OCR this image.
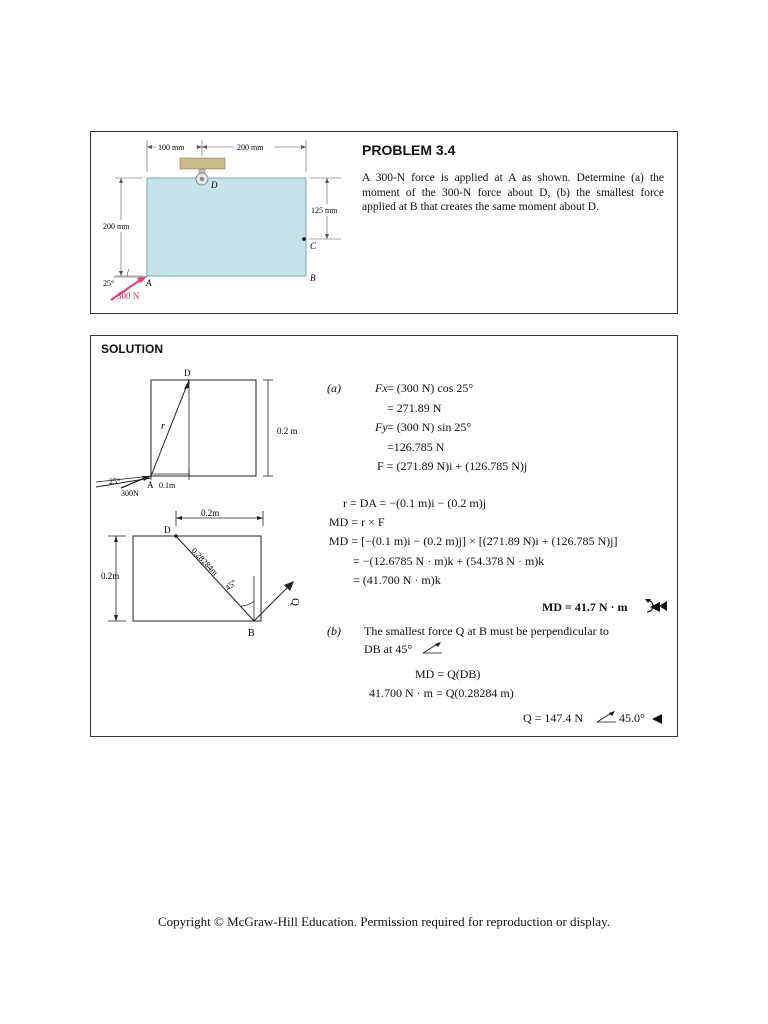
D
C
B
A
100 mm	200 mm
200 mm
125 mm
25°
300 N
PROBLEM 3.4
A 300-N force is applied at A as shown. Determine (a) the moment of the 300-N force about D, (b) the smallest force applied at B that creates the same moment about D.
SOLUTION
r
D
A
0.2 m
25°
300N
0.1m
0.2m
D
0.2m	0.28284m
45°
Q
B
(a)	Fx = (300 N) cos 25°
= 271.89 N
Fy = (300 N) sin 25°
=126.785 N
F = (271.89 N)i + (126.785 N)j
r = DA = −(0.1 m)i − (0.2 m)j
MD = r × F
MD = [−(0.1 m)i − (0.2 m)j] × [(271.89 N)i + (126.785 N)j]
= −(12.6785 N · m)k + (54.378 N · m)k
= (41.700 N · m)k
MD = 41.7 N · m
(b) The smallest force Q at B must be perpendicular to
DB at 45°
MD = Q(DB)
41.700 N · m = Q(0.28284 m)
Q = 147.4 N	45.0°
Copyright © McGraw-Hill Education. Permission required for reproduction or display.
